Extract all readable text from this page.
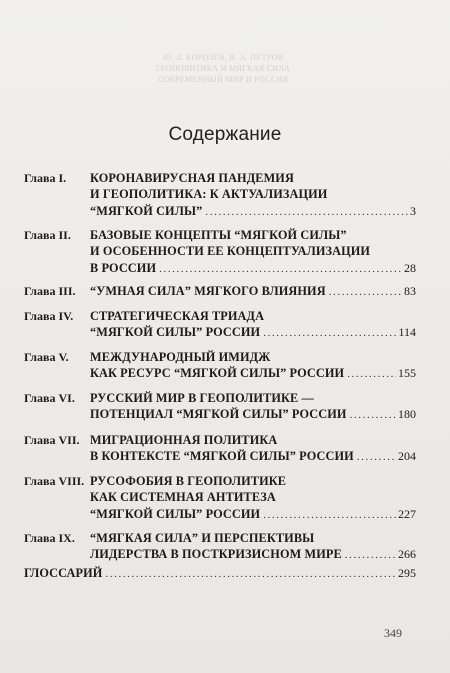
Ю. Л. КОРОЛЕВ, В. А. ПЕТРОВ
ГЕОПОЛИТИКА И МЯГКАЯ СИЛА
СОВРЕМЕННЫЙ МИР И РОССИЯ
Содержание
Глава I.	КОРОНАВИРУСНАЯ ПАНДЕМИЯ
И ГЕОПОЛИТИКА: К АКТУАЛИЗАЦИИ
“МЯГКОЙ СИЛЫ” .....	3
Глава II.	БАЗОВЫЕ КОНЦЕПТЫ “МЯГКОЙ СИЛЫ”
И ОСОБЕННОСТИ ЕЕ КОНЦЕПТУАЛИЗАЦИИ
В РОССИИ .....	28
Глава III.	“УМНАЯ СИЛА” МЯГКОГО ВЛИЯНИЯ .....	83
Глава IV.	СТРАТЕГИЧЕСКАЯ ТРИАДА
“МЯГКОЙ СИЛЫ” РОССИИ .....	114
Глава V.	МЕЖДУНАРОДНЫЙ ИМИДЖ
КАК РЕСУРС “МЯГКОЙ СИЛЫ” РОССИИ .....	155
Глава VI.	РУССКИЙ МИР В ГЕОПОЛИТИКЕ —
ПОТЕНЦИАЛ “МЯГКОЙ СИЛЫ” РОССИИ .....	180
Глава VII. МИГРАЦИОННАЯ ПОЛИТИКА
В КОНТЕКСТЕ “МЯГКОЙ СИЛЫ” РОССИИ .....	204
Глава VIII. РУСОФОБИЯ В ГЕОПОЛИТИКЕ
КАК СИСТЕМНАЯ АНТИТЕЗА
“МЯГКОЙ СИЛЫ” РОССИИ .....	227
Глава IX.	“МЯГКАЯ СИЛА” И ПЕРСПЕКТИВЫ
ЛИДЕРСТВА В ПОСТКРИЗИСНОМ МИРЕ .....	266
ГЛОССАРИЙ .....	295
349
